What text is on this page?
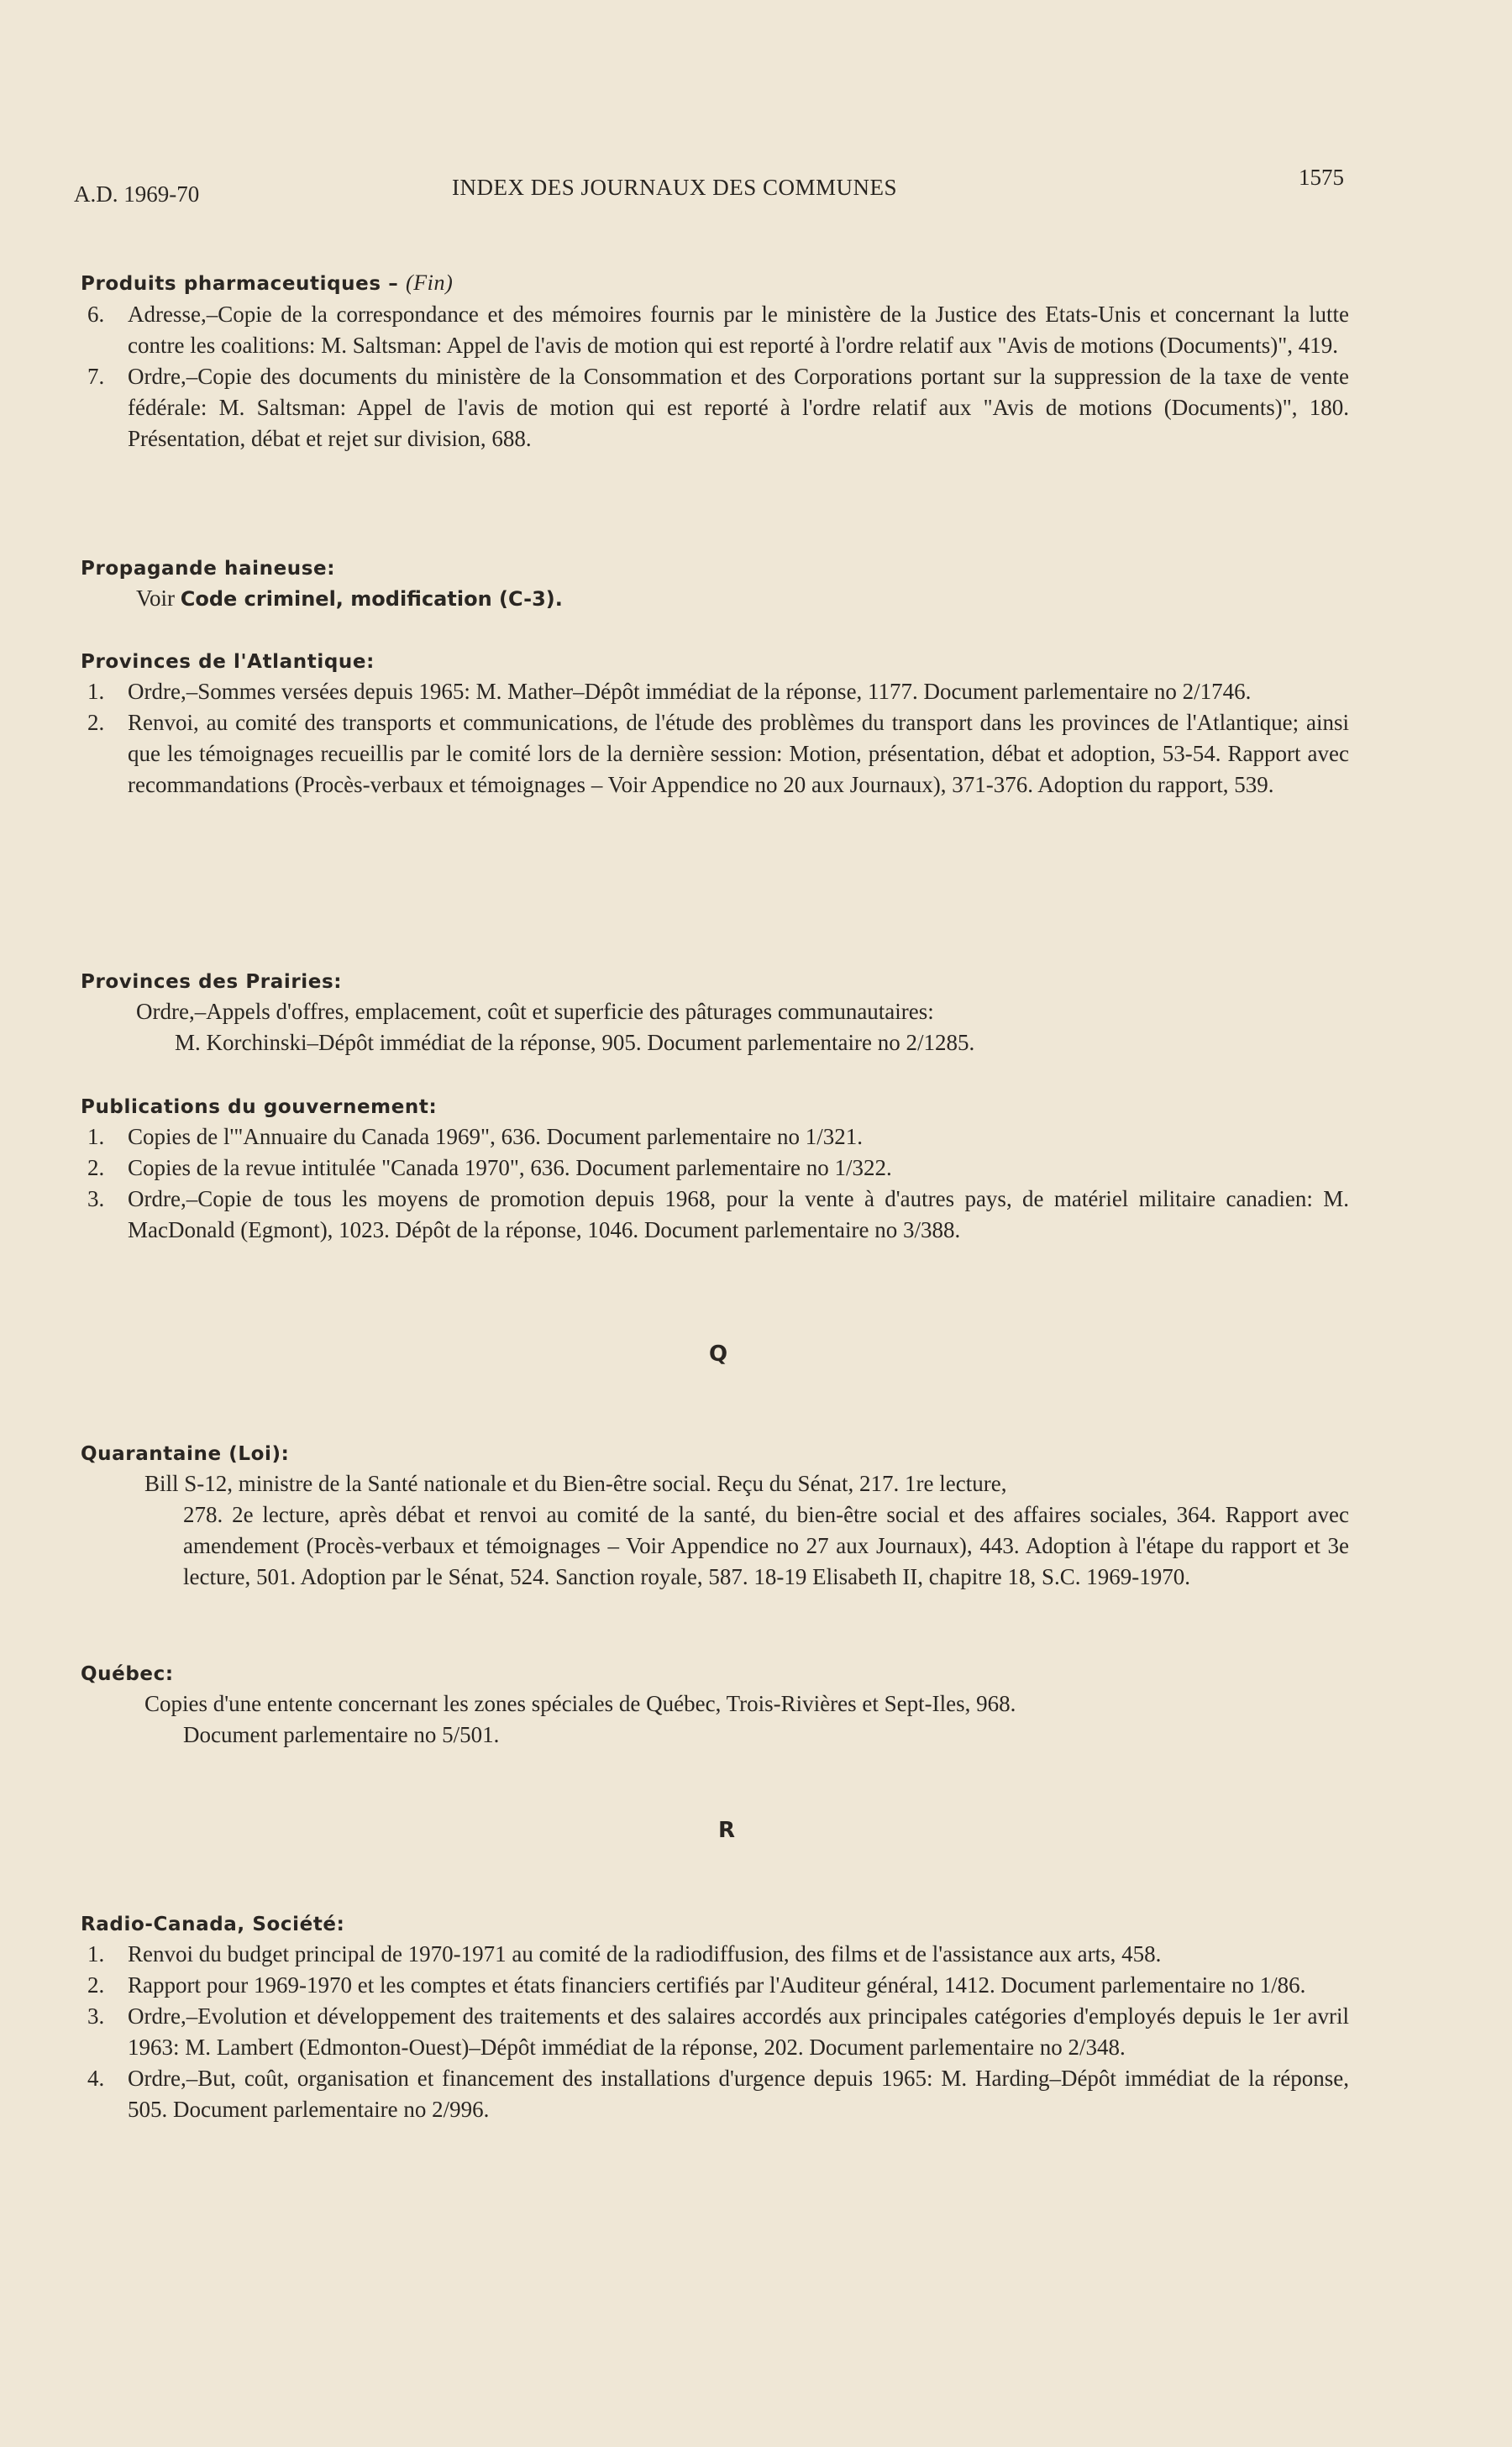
A.D. 1969-70	INDEX DES JOURNAUX DES COMMUNES	1575
Produits pharmaceutiques – (Fin)
6.	Adresse,–Copie de la correspondance et des mémoires fournis par le ministère de la Justice des Etats-Unis et concernant la lutte contre les coalitions: M. Saltsman: Appel de l'avis de motion qui est reporté à l'ordre relatif aux "Avis de motions (Documents)", 419.
7.	Ordre,–Copie des documents du ministère de la Consommation et des Corporations portant sur la suppression de la taxe de vente fédérale: M. Saltsman: Appel de l'avis de motion qui est reporté à l'ordre relatif aux "Avis de motions (Documents)", 180. Présentation, débat et rejet sur division, 688.
Propagande haineuse:
Voir Code criminel, modification (C-3).
Provinces de l'Atlantique:
1.	Ordre,–Sommes versées depuis 1965: M. Mather–Dépôt immédiat de la réponse, 1177. Document parlementaire no 2/1746.
2.	Renvoi, au comité des transports et communications, de l'étude des problèmes du transport dans les provinces de l'Atlantique; ainsi que les témoignages recueillis par le comité lors de la dernière session: Motion, présentation, débat et adoption, 53-54. Rapport avec recommandations (Procès-verbaux et témoignages – Voir Appendice no 20 aux Journaux), 371-376. Adoption du rapport, 539.
Provinces des Prairies:
Ordre,–Appels d'offres, emplacement, coût et superficie des pâturages communautaires:
M. Korchinski–Dépôt immédiat de la réponse, 905. Document parlementaire no 2/1285.
Publications du gouvernement:
1.	Copies de l'"Annuaire du Canada 1969", 636. Document parlementaire no 1/321.
2.	Copies de la revue intitulée "Canada 1970", 636. Document parlementaire no 1/322.
3.	Ordre,–Copie de tous les moyens de promotion depuis 1968, pour la vente à d'autres pays, de matériel militaire canadien: M. MacDonald (Egmont), 1023. Dépôt de la réponse, 1046. Document parlementaire no 3/388.
Q
Quarantaine (Loi):
Bill S-12, ministre de la Santé nationale et du Bien-être social. Reçu du Sénat, 217. 1re lecture,
278. 2e lecture, après débat et renvoi au comité de la santé, du bien-être social et des affaires sociales, 364. Rapport avec amendement (Procès-verbaux et témoignages – Voir Appendice no 27 aux Journaux), 443. Adoption à l'étape du rapport et 3e lecture, 501. Adoption par le Sénat, 524. Sanction royale, 587. 18-19 Elisabeth II, chapitre 18, S.C. 1969-1970.
Québec:
Copies d'une entente concernant les zones spéciales de Québec, Trois-Rivières et Sept-Iles, 968.
Document parlementaire no 5/501.
R
Radio-Canada, Société:
1.	Renvoi du budget principal de 1970-1971 au comité de la radiodiffusion, des films et de l'assistance aux arts, 458.
2.	Rapport pour 1969-1970 et les comptes et états financiers certifiés par l'Auditeur général, 1412. Document parlementaire no 1/86.
3.	Ordre,–Evolution et développement des traitements et des salaires accordés aux principales catégories d'employés depuis le 1er avril 1963: M. Lambert (Edmonton-Ouest)–Dépôt immédiat de la réponse, 202. Document parlementaire no 2/348.
4.	Ordre,–But, coût, organisation et financement des installations d'urgence depuis 1965: M. Harding–Dépôt immédiat de la réponse, 505. Document parlementaire no 2/996.
